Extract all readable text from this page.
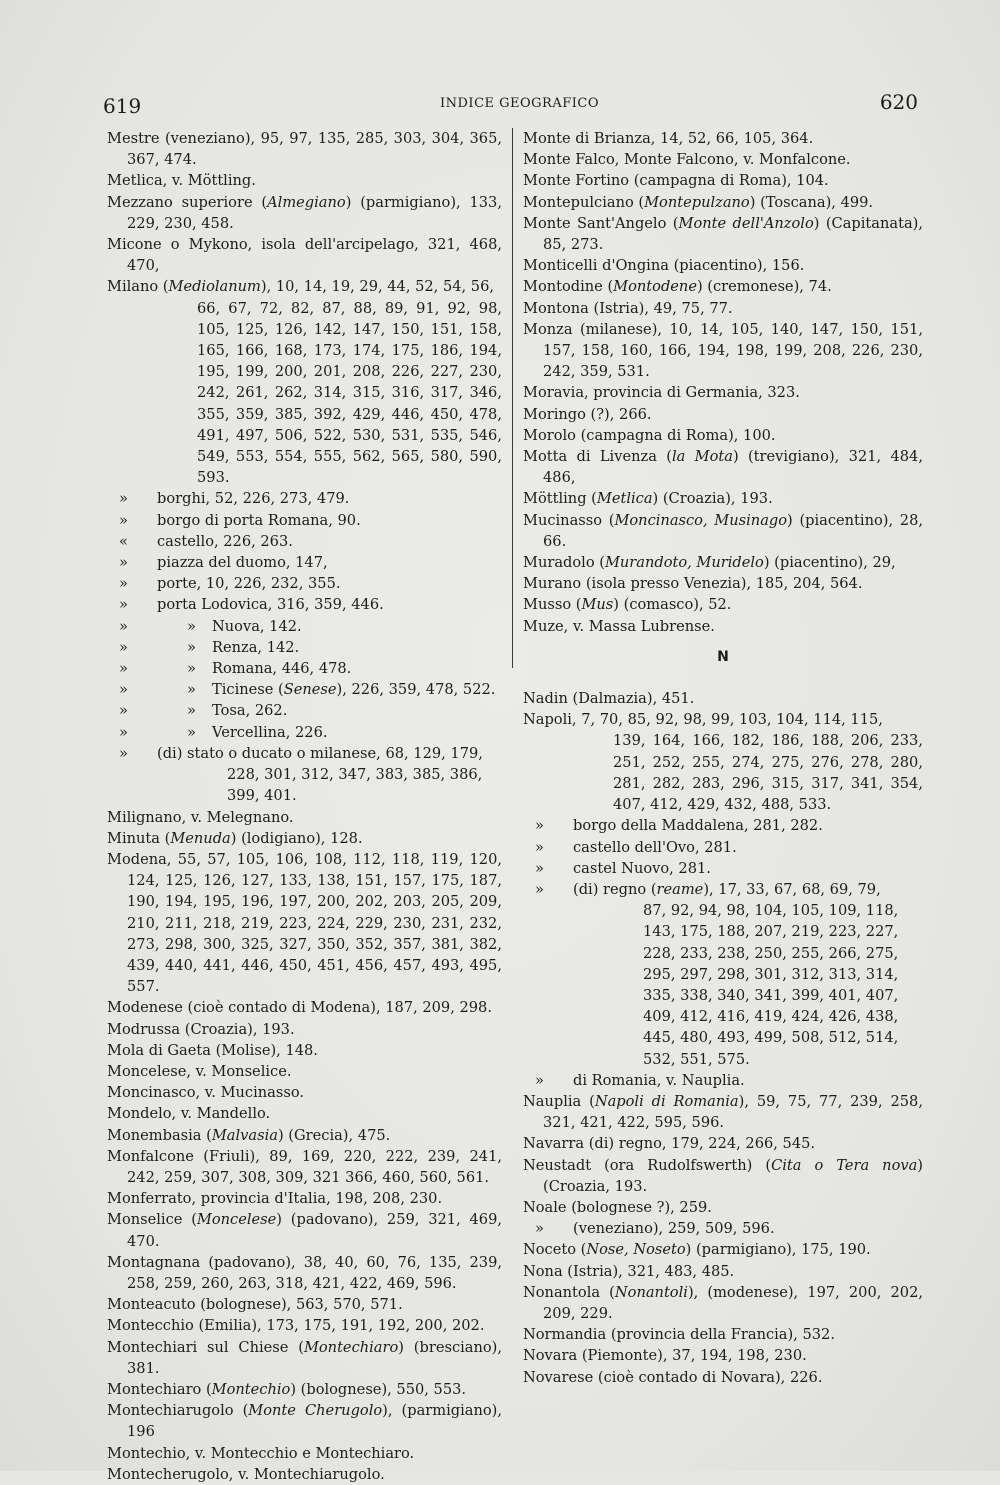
619	INDICE GEOGRAFICO	620
Mestre (veneziano), 95, 97, 135, 285, 303, 304, 365, 367, 474.
Metlica, v. Möttling.
Mezzano superiore (Almegiano) (parmigiano), 133, 229, 230, 458.
Micone o Mykono, isola dell'arcipelago, 321, 468, 470,
Milano (Mediolanum), 10, 14, 19, 29, 44, 52, 54, 56,
66, 67, 72, 82, 87, 88, 89, 91, 92, 98, 105, 125, 126, 142, 147, 150, 151, 158, 165, 166, 168, 173, 174, 175, 186, 194, 195, 199, 200, 201, 208, 226, 227, 230, 242, 261, 262, 314, 315, 316, 317, 346, 355, 359, 385, 392, 429, 446, 450, 478, 491, 497, 506, 522, 530, 531, 535, 546, 549, 553, 554, 555, 562, 565, 580, 590, 593.
» borghi, 52, 226, 273, 479.
» borgo di porta Romana, 90.
« castello, 226, 263.
» piazza del duomo, 147,
» porte, 10, 226, 232, 355.
» porta Lodovica, 316, 359, 446.
»	» Nuova, 142.
»	» Renza, 142.
»	» Romana, 446, 478.
»	» Ticinese (Senese), 226, 359, 478, 522.
»	» Tosa, 262.
»	» Vercellina, 226.
» (di) stato o ducato o milanese, 68, 129, 179,
228, 301, 312, 347, 383, 385, 386, 399, 401.
Milignano, v. Melegnano.
Minuta (Menuda) (lodigiano), 128.
Modena, 55, 57, 105, 106, 108, 112, 118, 119, 120, 124, 125, 126, 127, 133, 138, 151, 157, 175, 187, 190, 194, 195, 196, 197, 200, 202, 203, 205, 209, 210, 211, 218, 219, 223, 224, 229, 230, 231, 232, 273, 298, 300, 325, 327, 350, 352, 357, 381, 382, 439, 440, 441, 446, 450, 451, 456, 457, 493, 495, 557.
Modenese (cioè contado di Modena), 187, 209, 298.
Modrussa (Croazia), 193.
Mola di Gaeta (Molise), 148.
Moncelese, v. Monselice.
Moncinasco, v. Mucinasso.
Mondelo, v. Mandello.
Monembasia (Malvasia) (Grecia), 475.
Monfalcone (Friuli), 89, 169, 220, 222, 239, 241, 242, 259, 307, 308, 309, 321 366, 460, 560, 561.
Monferrato, provincia d'Italia, 198, 208, 230.
Monselice (Moncelese) (padovano), 259, 321, 469, 470.
Montagnana (padovano), 38, 40, 60, 76, 135, 239, 258, 259, 260, 263, 318, 421, 422, 469, 596.
Monteacuto (bolognese), 563, 570, 571.
Montecchio (Emilia), 173, 175, 191, 192, 200, 202.
Montechiari sul Chiese (Montechiaro) (bresciano), 381.
Montechiaro (Montechio) (bolognese), 550, 553.
Montechiarugolo (Monte Cherugolo), (parmigiano), 196
Montechio, v. Montecchio e Montechiaro.
Montecherugolo, v. Montechiarugolo.
Monte di Brianza, 14, 52, 66, 105, 364.
Monte Falco, Monte Falcono, v. Monfalcone.
Monte Fortino (campagna di Roma), 104.
Montepulciano (Montepulzano) (Toscana), 499.
Monte Sant'Angelo (Monte dell'Anzolo) (Capitanata), 85, 273.
Monticelli d'Ongina (piacentino), 156.
Montodine (Montodene) (cremonese), 74.
Montona (Istria), 49, 75, 77.
Monza (milanese), 10, 14, 105, 140, 147, 150, 151, 157, 158, 160, 166, 194, 198, 199, 208, 226, 230, 242, 359, 531.
Moravia, provincia di Germania, 323.
Moringo (?), 266.
Morolo (campagna di Roma), 100.
Motta di Livenza (la Mota) (trevigiano), 321, 484, 486,
Möttling (Metlica) (Croazia), 193.
Mucinasso (Moncinasco, Musinago) (piacentino), 28, 66.
Muradolo (Murandoto, Muridelo) (piacentino), 29,
Murano (isola presso Venezia), 185, 204, 564.
Musso (Mus) (comasco), 52.
Muze, v. Massa Lubrense.
N
Nadin (Dalmazia), 451.
Napoli, 7, 70, 85, 92, 98, 99, 103, 104, 114, 115,
139, 164, 166, 182, 186, 188, 206, 233, 251, 252, 255, 274, 275, 276, 278, 280, 281, 282, 283, 296, 315, 317, 341, 354, 407, 412, 429, 432, 488, 533.
» borgo della Maddalena, 281, 282.
» castello dell'Ovo, 281.
» castel Nuovo, 281.
» (di) regno (reame), 17, 33, 67, 68, 69, 79,
87, 92, 94, 98, 104, 105, 109, 118, 143, 175, 188, 207, 219, 223, 227, 228, 233, 238, 250, 255, 266, 275, 295, 297, 298, 301, 312, 313, 314, 335, 338, 340, 341, 399, 401, 407, 409, 412, 416, 419, 424, 426, 438, 445, 480, 493, 499, 508, 512, 514, 532, 551, 575.
» di Romania, v. Nauplia.
Nauplia (Napoli di Romania), 59, 75, 77, 239, 258, 321, 421, 422, 595, 596.
Navarra (di) regno, 179, 224, 266, 545.
Neustadt (ora Rudolfswerth) (Cita o Tera nova) (Croazia, 193.
Noale (bolognese ?), 259.
» (veneziano), 259, 509, 596.
Noceto (Nose, Noseto) (parmigiano), 175, 190.
Nona (Istria), 321, 483, 485.
Nonantola (Nonantoli), (modenese), 197, 200, 202, 209, 229.
Normandia (provincia della Francia), 532.
Novara (Piemonte), 37, 194, 198, 230.
Novarese (cioè contado di Novara), 226.
